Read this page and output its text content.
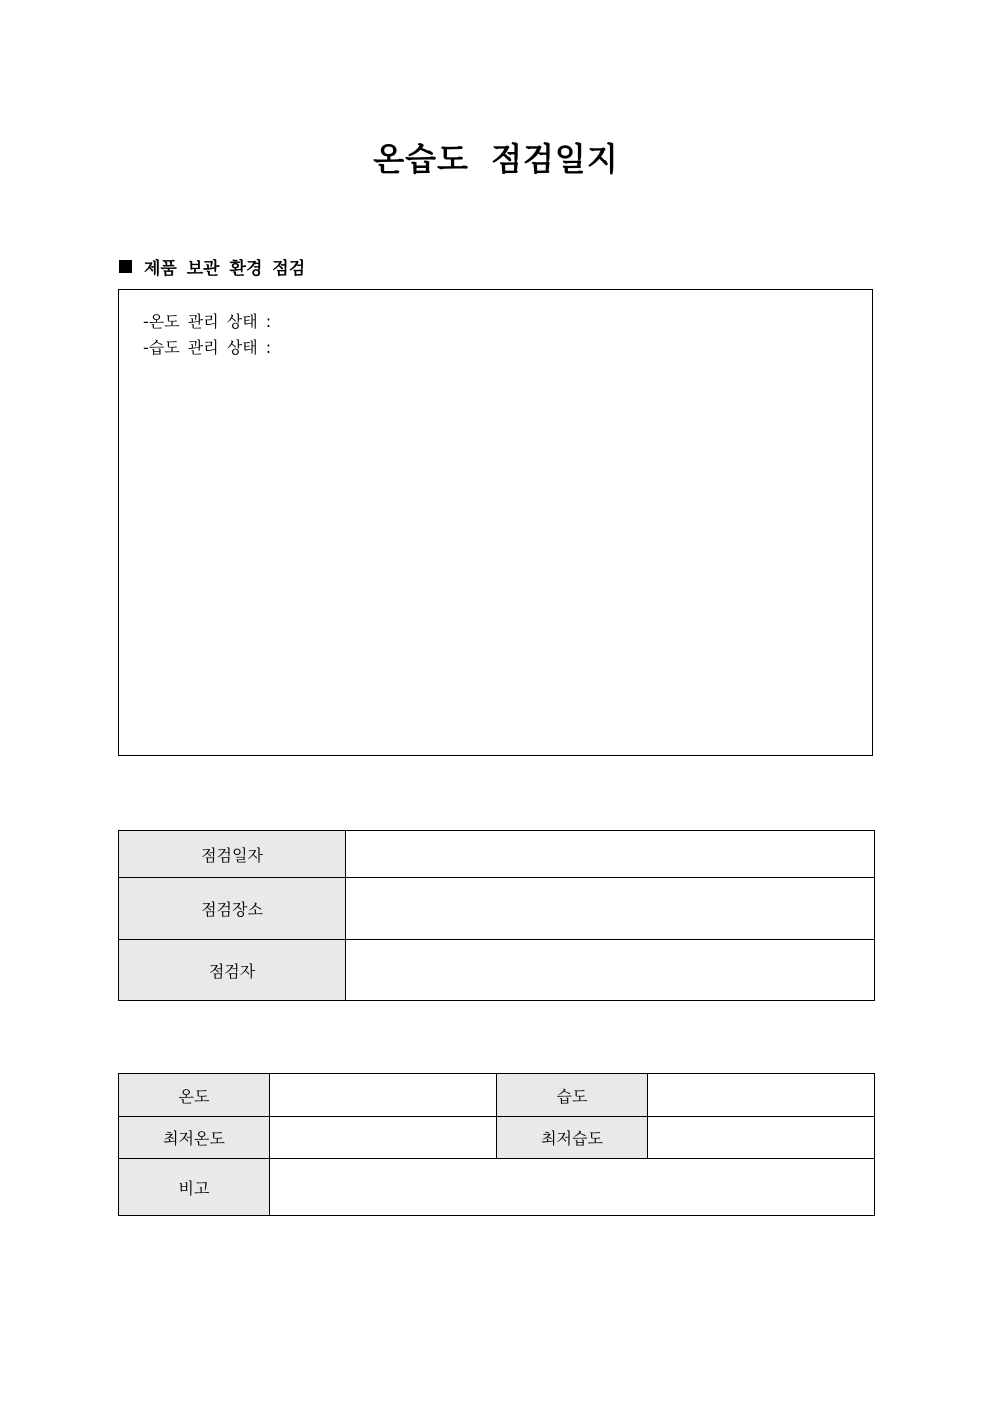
온습도 점검일지
제품 보관 환경 점검
-온도 관리 상태 :
-습도 관리 상태 :
점검일자	
점검장소	
점검자	
온도		습도	
최저온도		최저습도	
비고			
